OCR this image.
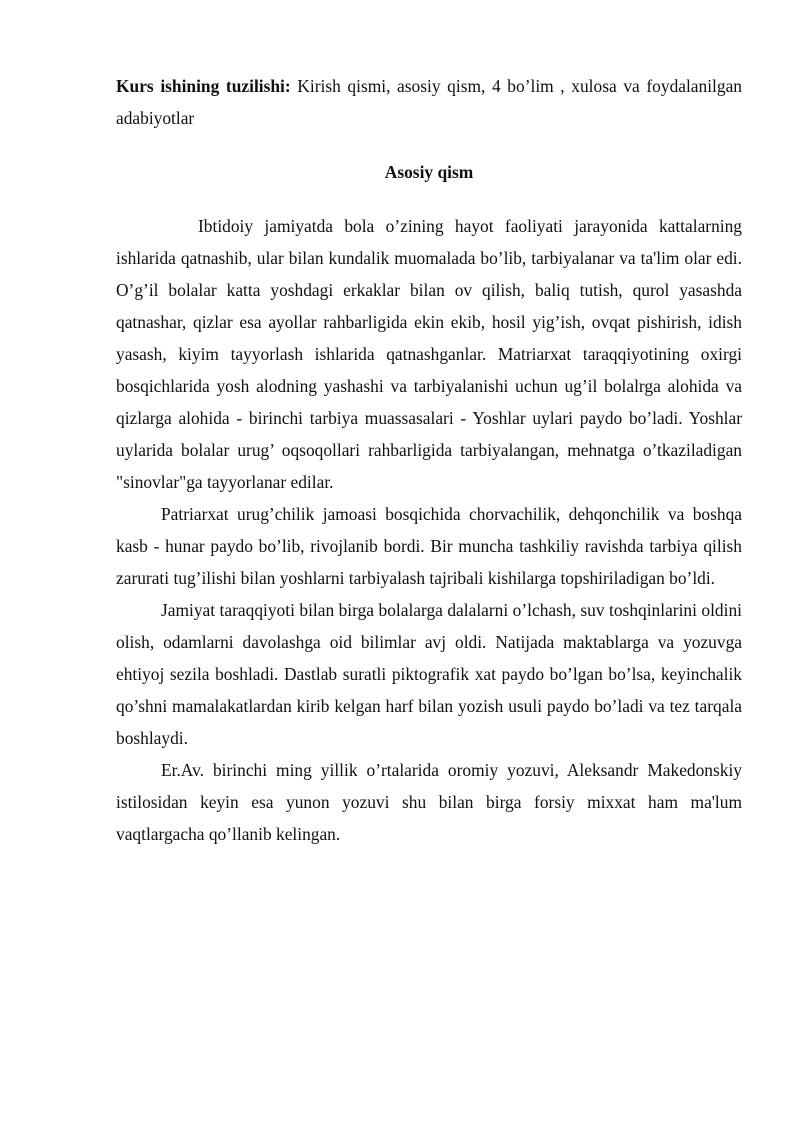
Kurs ishining tuzilishi: Kirish qismi, asosiy qism, 4 bo’lim , xulosa va foydalanilgan adabiyotlar

Asosiy qism

Ibtidoiy jamiyatda bola o’zining hayot faoliyati jarayonida kattalarning ishlarida qatnashib, ular bilan kundalik muomalada bo’lib, tarbiyalanar va ta'lim olar edi. O’g’il bolalar katta yoshdagi erkaklar bilan ov qilish, baliq tutish, qurol yasashda qatnashar, qizlar esa ayollar rahbarligida ekin ekib, hosil yig’ish, ovqat pishirish, idish yasash, kiyim tayyorlash ishlarida qatnashganlar. Matriarxat taraqqiyotining oxirgi bosqichlarida yosh alodning yashashi va tarbiyalanishi uchun ug’il bolalrga alohida va qizlarga alohida - birinchi tarbiya muassasalari - Yoshlar uylari paydo bo’ladi. Yoshlar uylarida bolalar urug’ oqsoqollari rahbarligida tarbiyalangan, mehnatga o’tkaziladigan "sinovlar"ga tayyorlanar edilar.

Patriarxat urug’chilik jamoasi bosqichida chorvachilik, dehqonchilik va boshqa kasb - hunar paydo bo’lib, rivojlanib bordi. Bir muncha tashkiliy ravishda tarbiya qilish zarurati tug’ilishi bilan yoshlarni tarbiyalash tajribali kishilarga topshiriladigan bo’ldi.

Jamiyat taraqqiyoti bilan birga bolalarga dalalarni o’lchash, suv toshqinlarini oldini olish, odamlarni davolashga oid bilimlar avj oldi. Natijada maktablarga va yozuvga ehtiyoj sezila boshladi. Dastlab suratli piktografik xat paydo bo’lgan bo’lsa, keyinchalik qo’shni mamalakatlardan kirib kelgan harf bilan yozish usuli paydo bo’ladi va tez tarqala boshlaydi.

Er.Av. birinchi ming yillik o’rtalarida oromiy yozuvi, Aleksandr Makedonskiy istilosidan keyin esa yunon yozuvi shu bilan birga forsiy mixxat ham ma'lum vaqtlargacha qo’llanib kelingan.
